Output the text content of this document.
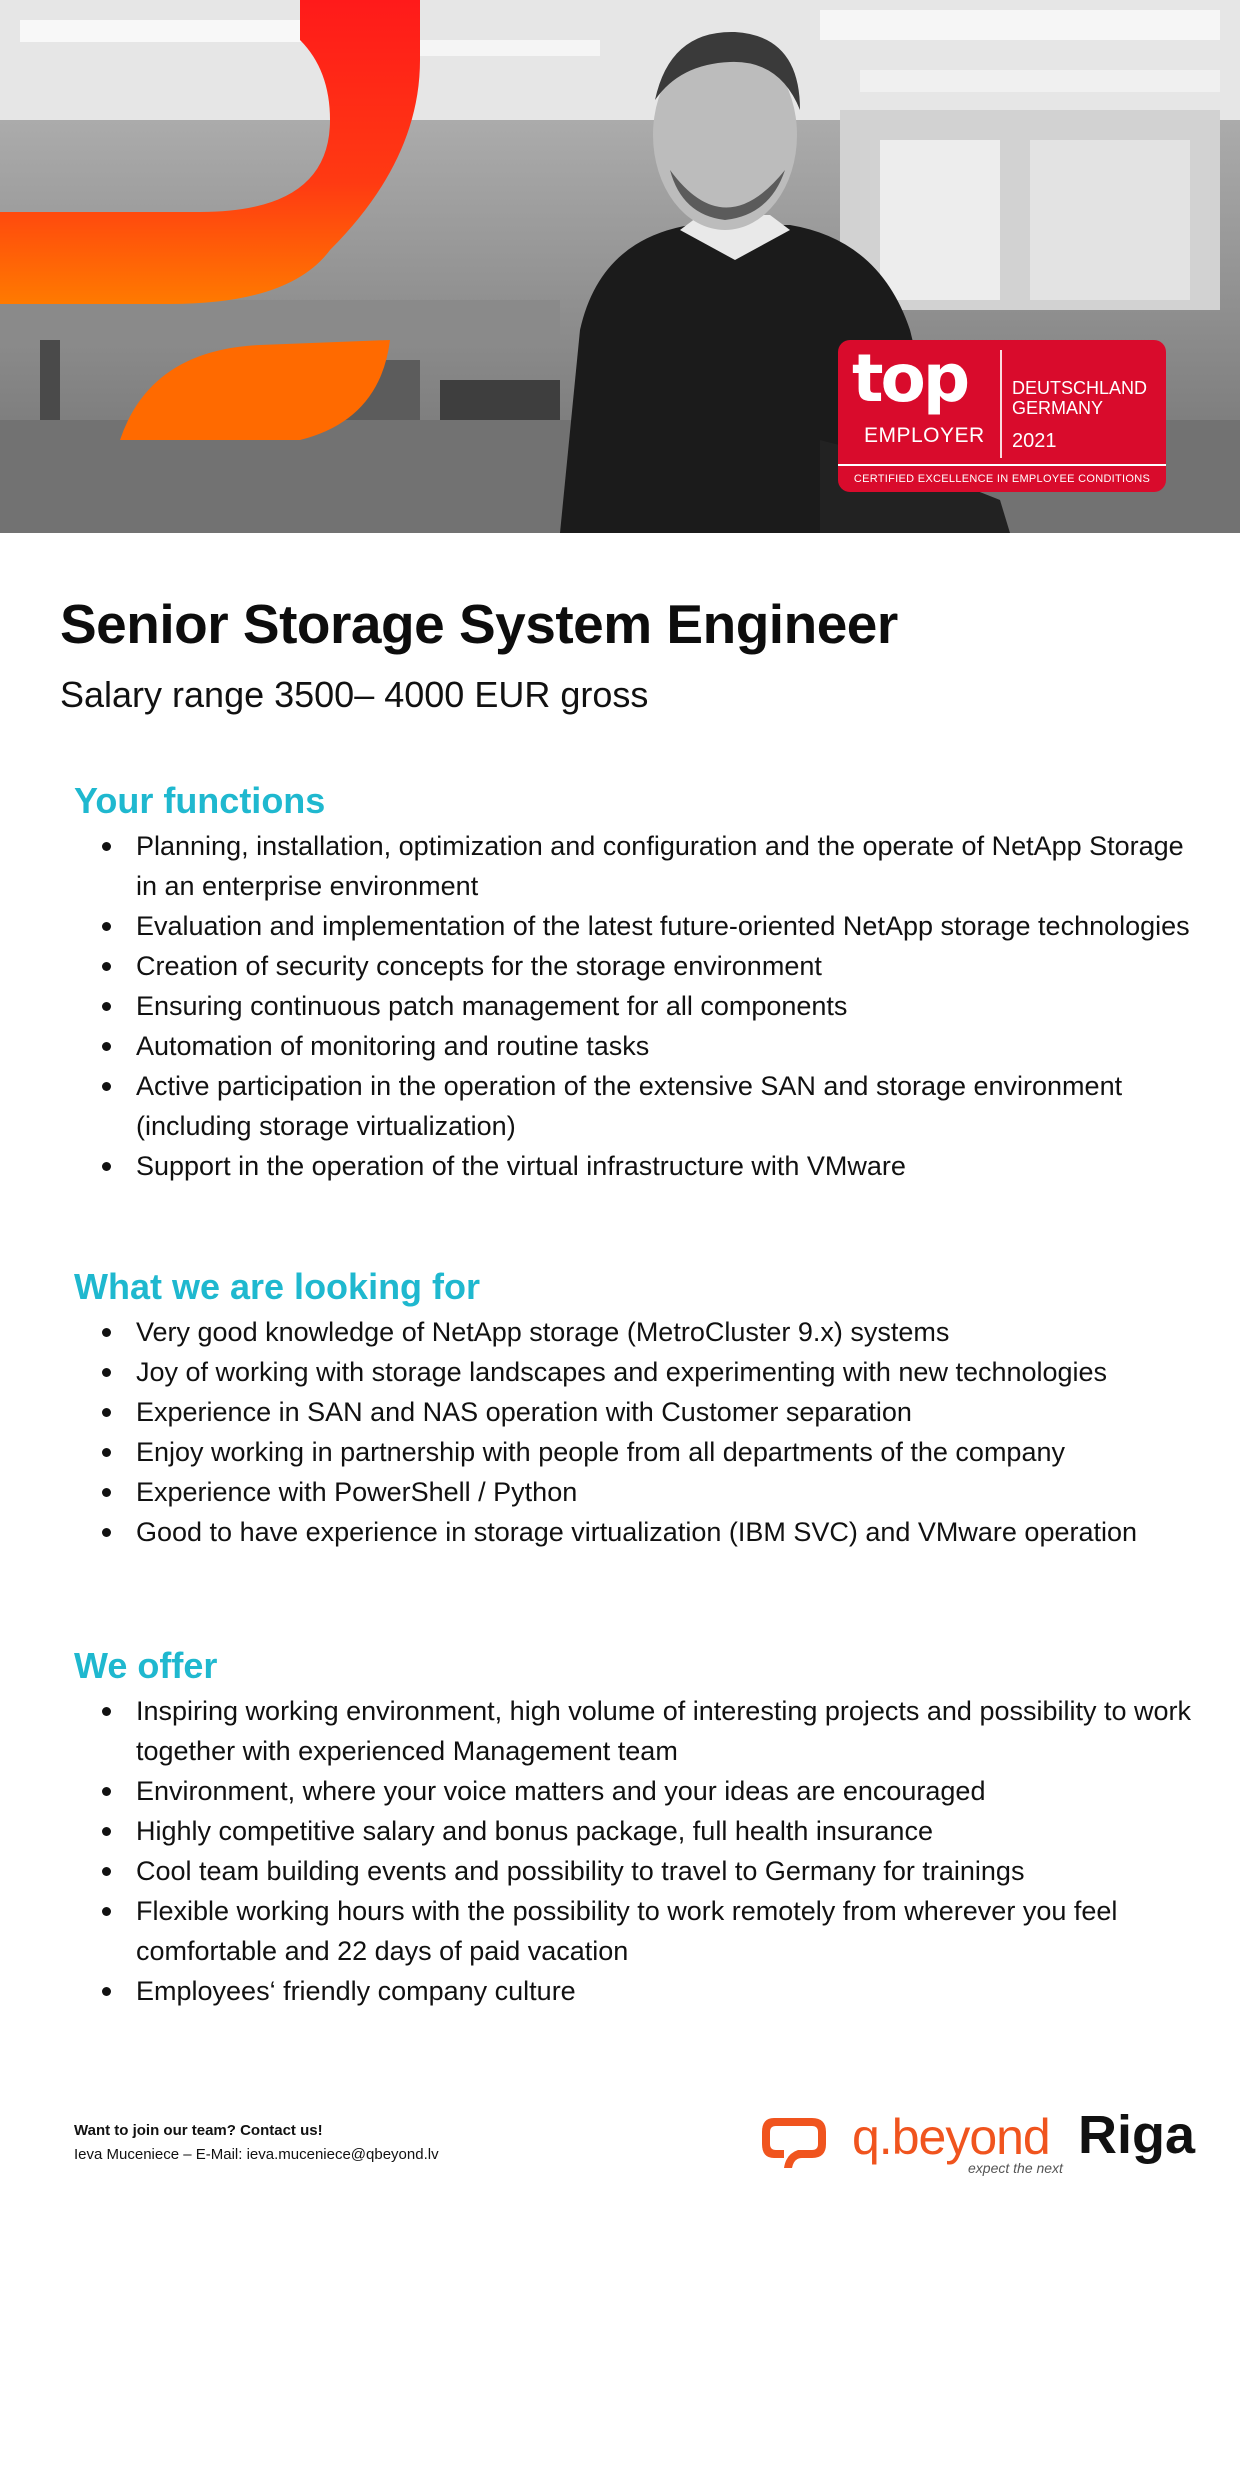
top
EMPLOYER
DEUTSCHLAND
GERMANY
2021
CERTIFIED EXCELLENCE IN EMPLOYEE CONDITIONS
Senior Storage System Engineer
Salary range 3500– 4000 EUR gross
Your functions
Planning, installation, optimization and configuration and the operate of NetApp Storage in an enterprise environment
Evaluation and implementation of the latest future-oriented NetApp storage technologies
Creation of security concepts for the storage environment
Ensuring continuous patch management for all components
Automation of monitoring and routine tasks
Active participation in the operation of the extensive SAN and storage environment (including storage virtualization)
Support in the operation of the virtual infrastructure with VMware
What we are looking for
Very good knowledge of NetApp storage (MetroCluster 9.x) systems
Joy of working with storage landscapes and experimenting with new technologies
Experience in SAN and NAS operation with Customer separation
Enjoy working in partnership with people from all departments of the company
Experience with PowerShell / Python
Good to have experience in storage virtualization (IBM SVC) and VMware operation
We offer
Inspiring working environment, high volume of interesting projects and possibility to work together with experienced Management team
Environment, where your voice matters and your ideas are encouraged
Highly competitive salary and bonus package, full health insurance
Cool team building events and possibility to travel to Germany for trainings
Flexible working hours with the possibility to work remotely from wherever you feel comfortable and 22 days of paid vacation
Employees‘ friendly company culture
Want to join our team? Contact us!
Ieva Muceniece – E-Mail: ieva.muceniece@qbeyond.lv	q.beyond
expect the next
Riga
